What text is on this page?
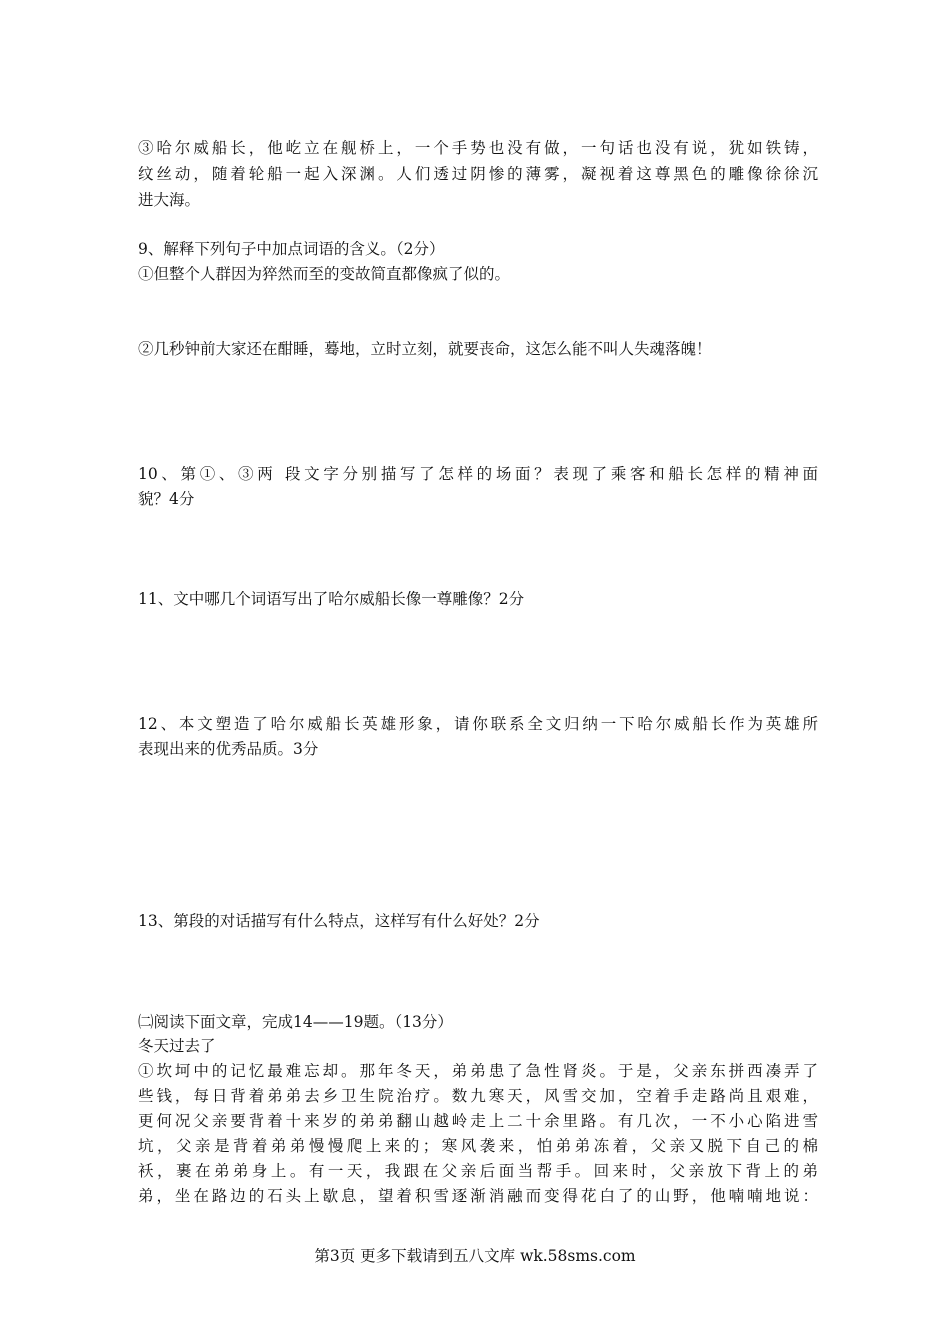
③哈尔威船长，他屹立在舰桥上，一个手势也没有做，一句话也没有说，犹如铁铸，
纹丝动，随着轮船一起入深渊。人们透过阴惨的薄雾，凝视着这尊黑色的雕像徐徐沉
进大海。
9、解释下列句子中加点词语的含义。（2分）
①但整个人群因为猝然而至的变故简直都像疯了似的。
②几秒钟前大家还在酣睡，蓦地，立时立刻，就要丧命，这怎么能不叫人失魂落魄！
10、第①、③两 段文字分别描写了怎样的场面？表现了乘客和船长怎样的精神面
貌？4分
11、文中哪几个词语写出了哈尔威船长像一尊雕像？2分
12、本文塑造了哈尔威船长英雄形象，请你联系全文归纳一下哈尔威船长作为英雄所
表现出来的优秀品质。3分
13、第段的对话描写有什么特点，这样写有什么好处？2分
㈡阅读下面文章，完成14——19题。（13分）
冬天过去了
①坎坷中的记忆最难忘却。那年冬天，弟弟患了急性肾炎。于是，父亲东拼西凑弄了
些钱，每日背着弟弟去乡卫生院治疗。数九寒天，风雪交加，空着手走路尚且艰难，
更何况父亲要背着十来岁的弟弟翻山越岭走上二十余里路。有几次，一不小心陷进雪
坑，父亲是背着弟弟慢慢爬上来的；寒风袭来，怕弟弟冻着，父亲又脱下自己的棉
袄，裹在弟弟身上。有一天，我跟在父亲后面当帮手。回来时，父亲放下背上的弟
弟，坐在路边的石头上歇息，望着积雪逐渐消融而变得花白了的山野，他喃喃地说：
第3页 更多下载请到五八文库 wk.58sms.com
